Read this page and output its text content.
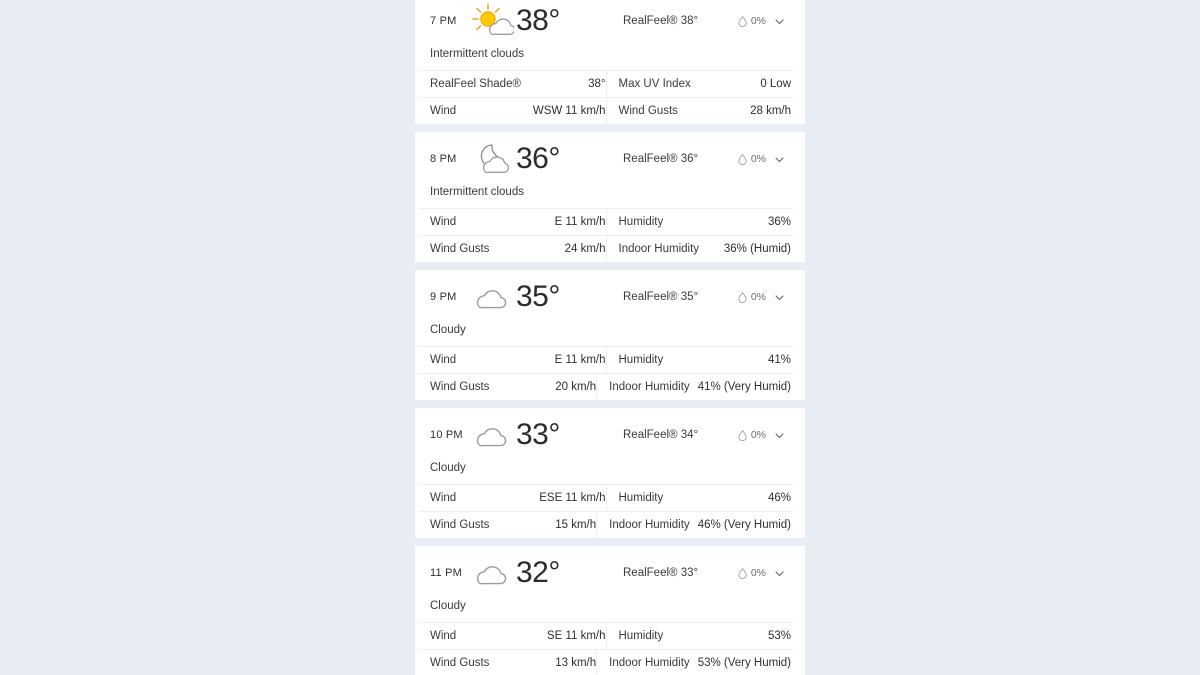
7 PM	38°	RealFeel® 38°	0%
Intermittent clouds
RealFeel Shade®	38° Max UV Index	0 Low
Wind	WSW 11 km/h Wind Gusts	28 km/h
8 PM	36°	RealFeel® 36°	0%
Intermittent clouds
Wind	E 11 km/h Humidity	36%
Wind Gusts	24 km/h Indoor Humidity	36% (Humid)
9 PM	35°	RealFeel® 35°	0%
Cloudy
Wind	E 11 km/h Humidity	41%
Wind Gusts	20 km/h Indoor Humidity 41% (Very Humid)
10 PM 33°	RealFeel® 34°	0%
Cloudy
Wind	ESE 11 km/h Humidity	46%
Wind Gusts	15 km/h Indoor Humidity 46% (Very Humid)
11 PM 32°	RealFeel® 33°	0%
Cloudy
Wind	SE 11 km/h Humidity	53%
Wind Gusts	13 km/h Indoor Humidity 53% (Very Humid)
